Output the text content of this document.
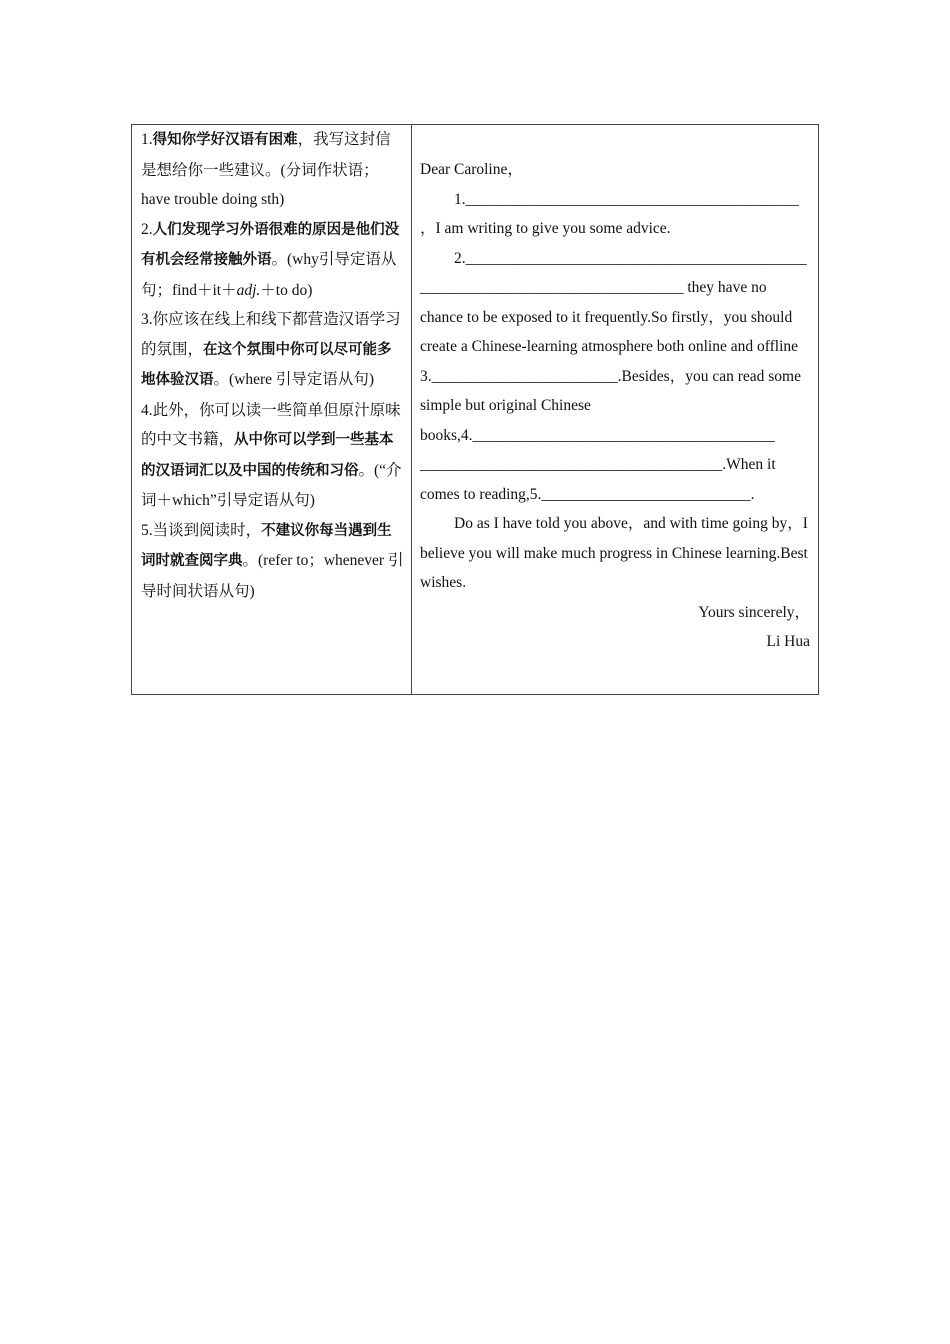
1.得知你学好汉语有困难，我写这封信是想给你一些建议。(分词作状语；have trouble doing sth)

2.人们发现学习外语很难的原因是他们没有机会经常接触外语。(why引导定语从句；find＋it＋adj.＋to do)

3.你应该在线上和线下都营造汉语学习的氛围，在这个氛围中你可以尽可能多地体验汉语。(where 引导定语从句)

4.此外，你可以读一些简单但原汁原味的中文书籍，从中你可以学到一些基本的汉语词汇以及中国的传统和习俗。(“介词＋which”引导定语从句)

5.当谈到阅读时，不建议你每当遇到生词时就查阅字典。(refer to；whenever 引导时间状语从句)

Dear Caroline，

1.___________________________________________

，I am writing to give you some advice.

2.____________________________________________

__________________________________ they have no chance to be exposed to it frequently.So firstly，you should create a Chinese-learning atmosphere both online and offline 3.________________________.Besides，you can read some simple but original Chinese books,4._______________________________________

_______________________________________.When it comes to reading,5.___________________________.

Do as I have told you above，and with time going by，I believe you will make much progress in Chinese learning.Best wishes.

Yours sincerely，

Li Hua
